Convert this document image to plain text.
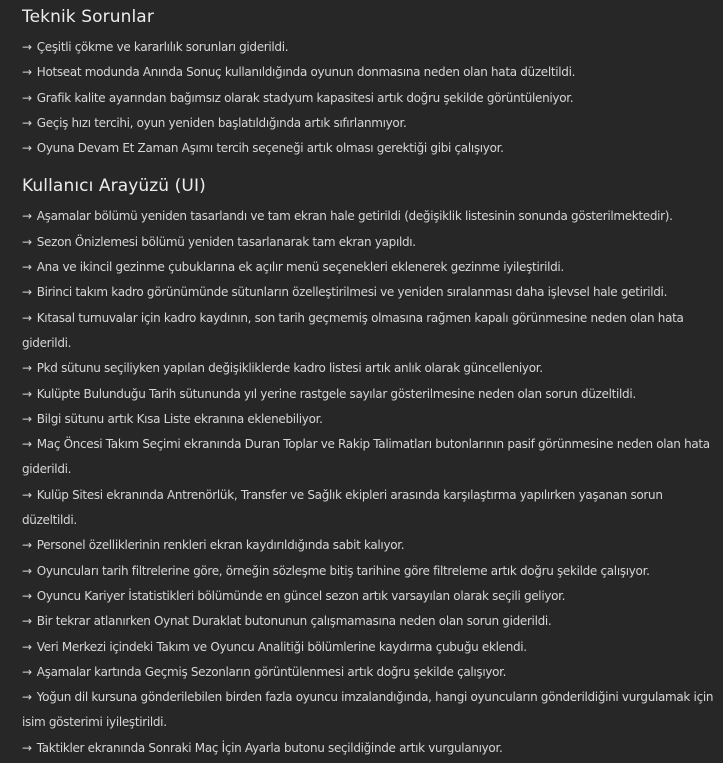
Teknik Sorunlar
→ Çeşitli çökme ve kararlılık sorunları giderildi.
→ Hotseat modunda Anında Sonuç kullanıldığında oyunun donmasına neden olan hata düzeltildi.
→ Grafik kalite ayarından bağımsız olarak stadyum kapasitesi artık doğru şekilde görüntüleniyor.
→ Geçiş hızı tercihi, oyun yeniden başlatıldığında artık sıfırlanmıyor.
→ Oyuna Devam Et Zaman Aşımı tercih seçeneği artık olması gerektiği gibi çalışıyor.
Kullanıcı Arayüzü (UI)
→ Aşamalar bölümü yeniden tasarlandı ve tam ekran hale getirildi (değişiklik listesinin sonunda gösterilmektedir).
→ Sezon Önizlemesi bölümü yeniden tasarlanarak tam ekran yapıldı.
→ Ana ve ikincil gezinme çubuklarına ek açılır menü seçenekleri eklenerek gezinme iyileştirildi.
→ Birinci takım kadro görünümünde sütunların özelleştirilmesi ve yeniden sıralanması daha işlevsel hale getirildi.
→ Kıtasal turnuvalar için kadro kaydının, son tarih geçmemiş olmasına rağmen kapalı görünmesine neden olan hata giderildi.
→ Pkd sütunu seçiliyken yapılan değişikliklerde kadro listesi artık anlık olarak güncelleniyor.
→ Kulüpte Bulunduğu Tarih sütununda yıl yerine rastgele sayılar gösterilmesine neden olan sorun düzeltildi.
→ Bilgi sütunu artık Kısa Liste ekranına eklenebiliyor.
→ Maç Öncesi Takım Seçimi ekranında Duran Toplar ve Rakip Talimatları butonlarının pasif görünmesine neden olan hata giderildi.
→ Kulüp Sitesi ekranında Antrenörlük, Transfer ve Sağlık ekipleri arasında karşılaştırma yapılırken yaşanan sorun düzeltildi.
→ Personel özelliklerinin renkleri ekran kaydırıldığında sabit kalıyor.
→ Oyuncuları tarih filtrelerine göre, örneğin sözleşme bitiş tarihine göre filtreleme artık doğru şekilde çalışıyor.
→ Oyuncu Kariyer İstatistikleri bölümünde en güncel sezon artık varsayılan olarak seçili geliyor.
→ Bir tekrar atlanırken Oynat Duraklat butonunun çalışmamasına neden olan sorun giderildi.
→ Veri Merkezi içindeki Takım ve Oyuncu Analitiği bölümlerine kaydırma çubuğu eklendi.
→ Aşamalar kartında Geçmiş Sezonların görüntülenmesi artık doğru şekilde çalışıyor.
→ Yoğun dil kursuna gönderilebilen birden fazla oyuncu imzalandığında, hangi oyuncuların gönderildiğini vurgulamak için isim gösterimi iyileştirildi.
→ Taktikler ekranında Sonraki Maç İçin Ayarla butonu seçildiğinde artık vurgulanıyor.
